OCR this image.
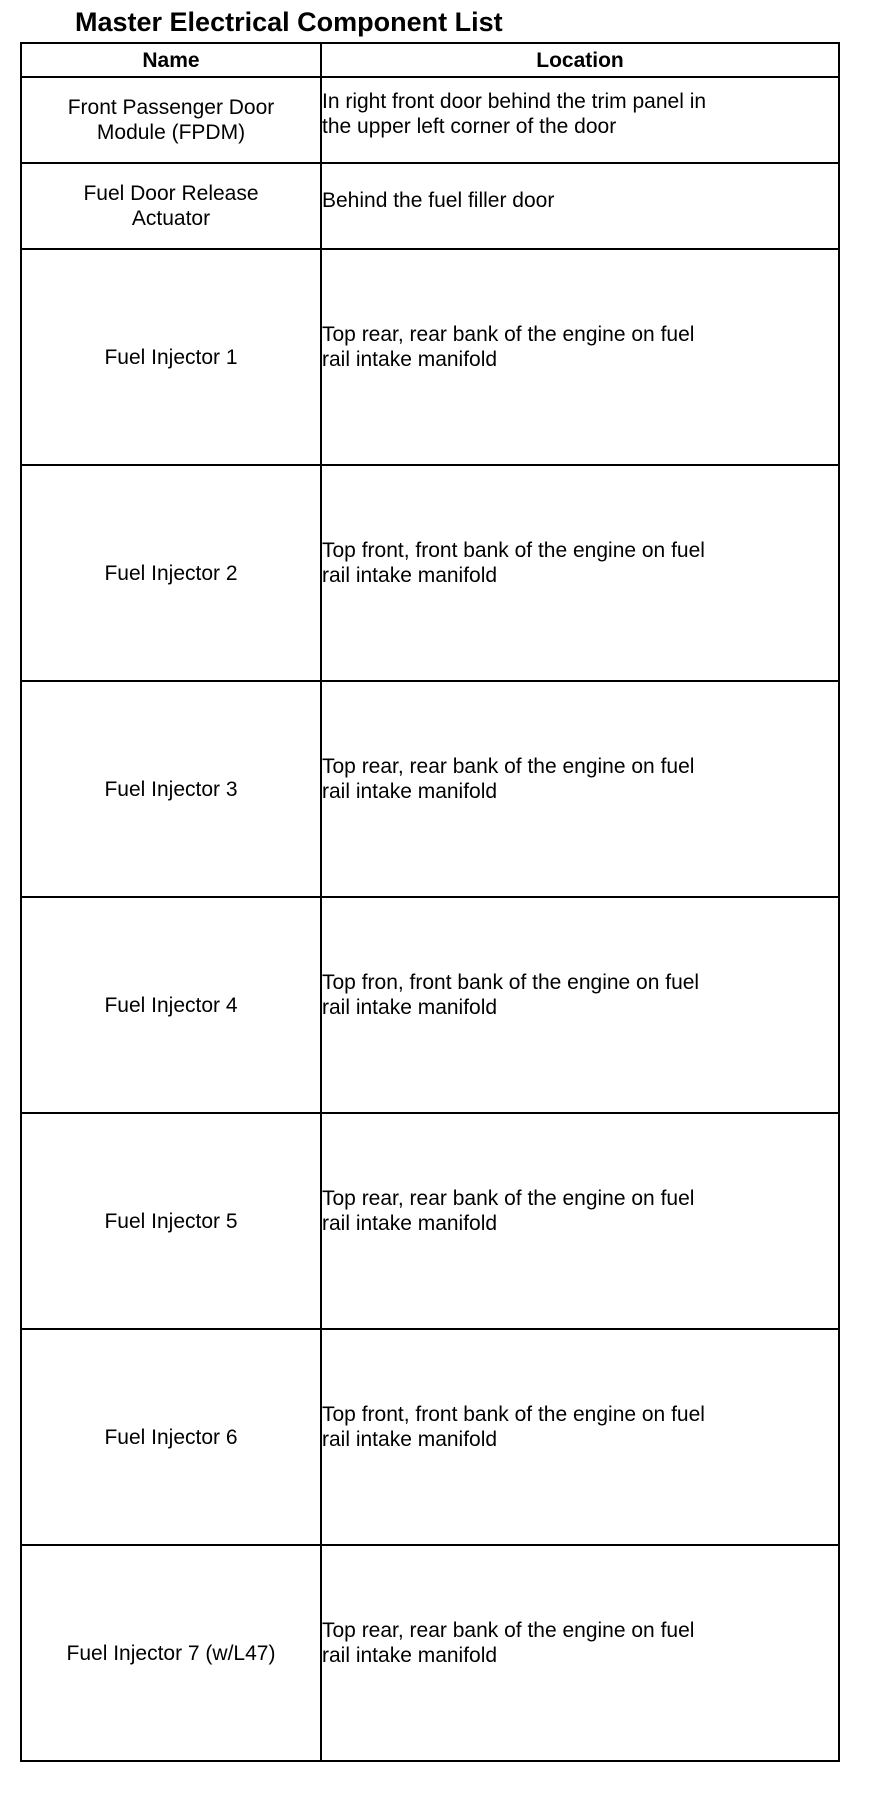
Master Electrical Component List
Name	Location
Front Passenger Door
Module (FPDM)	In right front door behind the trim panel in
the upper left corner of the door

Fuel Door Release
Actuator	Behind the fuel filler door

Fuel Injector 1	Top rear, rear bank of the engine on fuel
rail intake manifold

Fuel Injector 2	Top front, front bank of the engine on fuel
rail intake manifold

Fuel Injector 3	Top rear, rear bank of the engine on fuel
rail intake manifold

Fuel Injector 4	Top fron, front bank of the engine on fuel
rail intake manifold

Fuel Injector 5	Top rear, rear bank of the engine on fuel
rail intake manifold

Fuel Injector 6	Top front, front bank of the engine on fuel
rail intake manifold

Fuel Injector 7 (w/L47)	Top rear, rear bank of the engine on fuel
rail intake manifold
